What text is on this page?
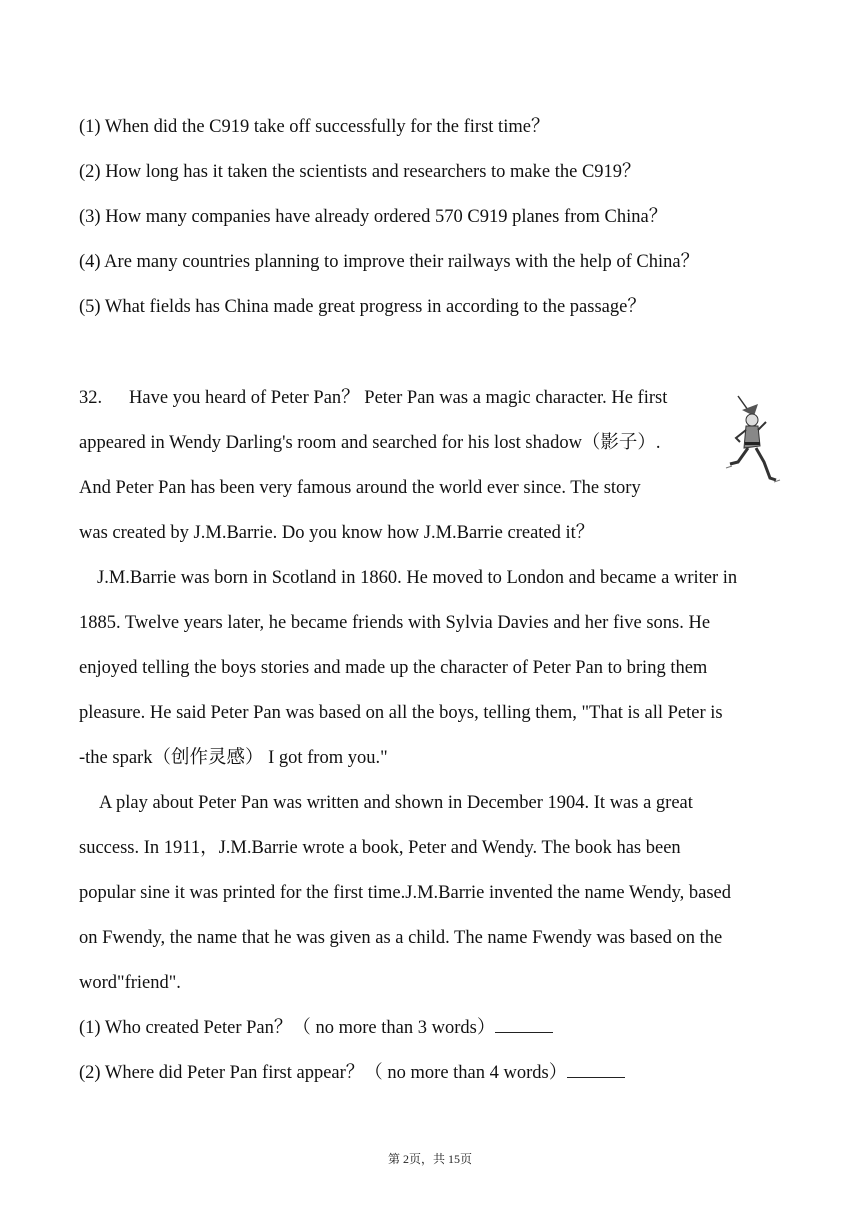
(1) When did the C919 take off successfully for the first time？
(2) How long has it taken the scientists and researchers to make the C919？
(3) How many companies have already ordered 570 C919 planes from China？
(4) Are many countries planning to improve their railways with the help of China？
(5) What fields has China made great progress in according to the passage？
32. Have you heard of Peter Pan？ Peter Pan was a magic character. He first
appeared in Wendy Darling's room and searched for his lost shadow（影子）.
And Peter Pan has been very famous around the world ever since. The story
was created by J.M.Barrie. Do you know how J.M.Barrie created it？
J.M.Barrie was born in Scotland in 1860. He moved to London and became a writer in
1885. Twelve years later, he became friends with Sylvia Davies and her five sons. He
enjoyed telling the boys stories and made up the character of Peter Pan to bring them
pleasure. He said Peter Pan was based on all the boys, telling them, "That is all Peter is
-the spark（创作灵感） I got from you."
A play about Peter Pan was written and shown in December 1904. It was a great
success. In 1911，J.M.Barrie wrote a book, Peter and Wendy. The book has been
popular sine it was printed for the first time.J.M.Barrie invented the name Wendy, based
on Fwendy, the name that he was given as a child. The name Fwendy was based on the
word"friend".
(1) Who created Peter Pan？（ no more than 3 words）
(2) Where did Peter Pan first appear？（ no more than 4 words）
第 2页，共 15页
